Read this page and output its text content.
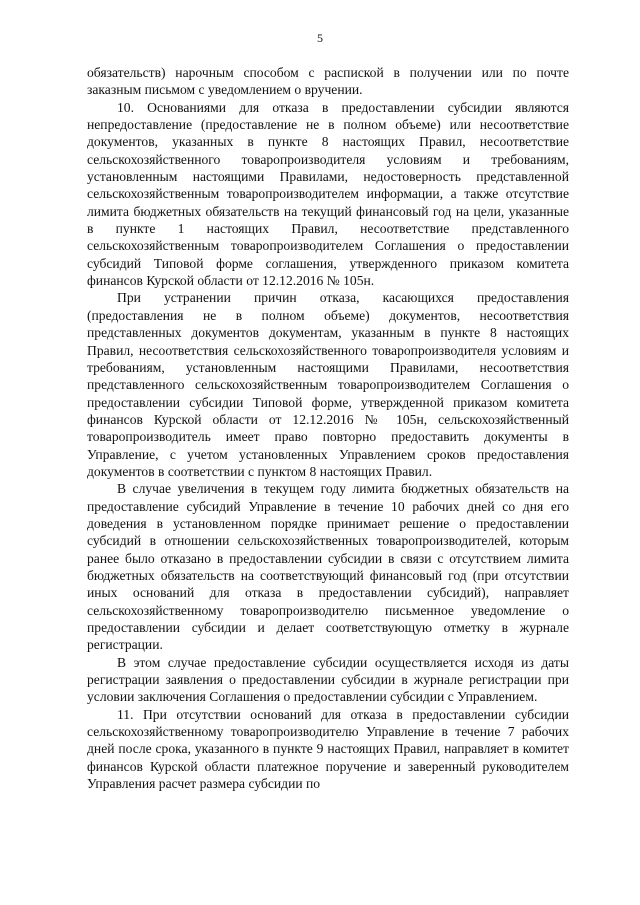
5

обязательств) нарочным способом с распиской в получении или по почте заказным письмом с уведомлением о вручении.

10. Основаниями для отказа в предоставлении субсидии являются непредоставление (предоставление не в полном объеме) или несоответствие документов, указанных в пункте 8 настоящих Правил, несоответствие сельскохозяйственного товаропроизводителя условиям и требованиям, установленным настоящими Правилами, недостоверность представленной сельскохозяйственным товаропроизводителем информации, а также отсутствие лимита бюджетных обязательств на текущий финансовый год на цели, указанные в пункте 1 настоящих Правил, несоответствие представленного сельскохозяйственным товаропроизводителем Соглашения о предоставлении субсидий Типовой форме соглашения, утвержденного приказом комитета финансов Курской области от 12.12.2016 № 105н.

При устранении причин отказа, касающихся предоставления (предоставления не в полном объеме) документов, несоответствия представленных документов документам, указанным в пункте 8 настоящих Правил, несоответствия сельскохозяйственного товаропроизводителя условиям и требованиям, установленным настоящими Правилами, несоответствия представленного сельскохозяйственным товаропроизводителем Соглашения о предоставлении субсидии Типовой форме, утвержденной приказом комитета финансов Курской области от 12.12.2016 № 105н, сельскохозяйственный товаропроизводитель имеет право повторно предоставить документы в Управление, с учетом установленных Управлением сроков предоставления документов в соответствии с пунктом 8 настоящих Правил.

В случае увеличения в текущем году лимита бюджетных обязательств на предоставление субсидий Управление в течение 10 рабочих дней со дня его доведения в установленном порядке принимает решение о предоставлении субсидий в отношении сельскохозяйственных товаропроизводителей, которым ранее было отказано в предоставлении субсидии в связи с отсутствием лимита бюджетных обязательств на соответствующий финансовый год (при отсутствии иных оснований для отказа в предоставлении субсидий), направляет сельскохозяйственному товаропроизводителю письменное уведомление о предоставлении субсидии и делает соответствующую отметку в журнале регистрации.

В этом случае предоставление субсидии осуществляется исходя из даты регистрации заявления о предоставлении субсидии в журнале регистрации при условии заключения Соглашения о предоставлении субсидии с Управлением.

11. При отсутствии оснований для отказа в предоставлении субсидии сельскохозяйственному товаропроизводителю Управление в течение 7 рабочих дней после срока, указанного в пункте 9 настоящих Правил, направляет в комитет финансов Курской области платежное поручение и заверенный руководителем Управления расчет размера субсидии по
